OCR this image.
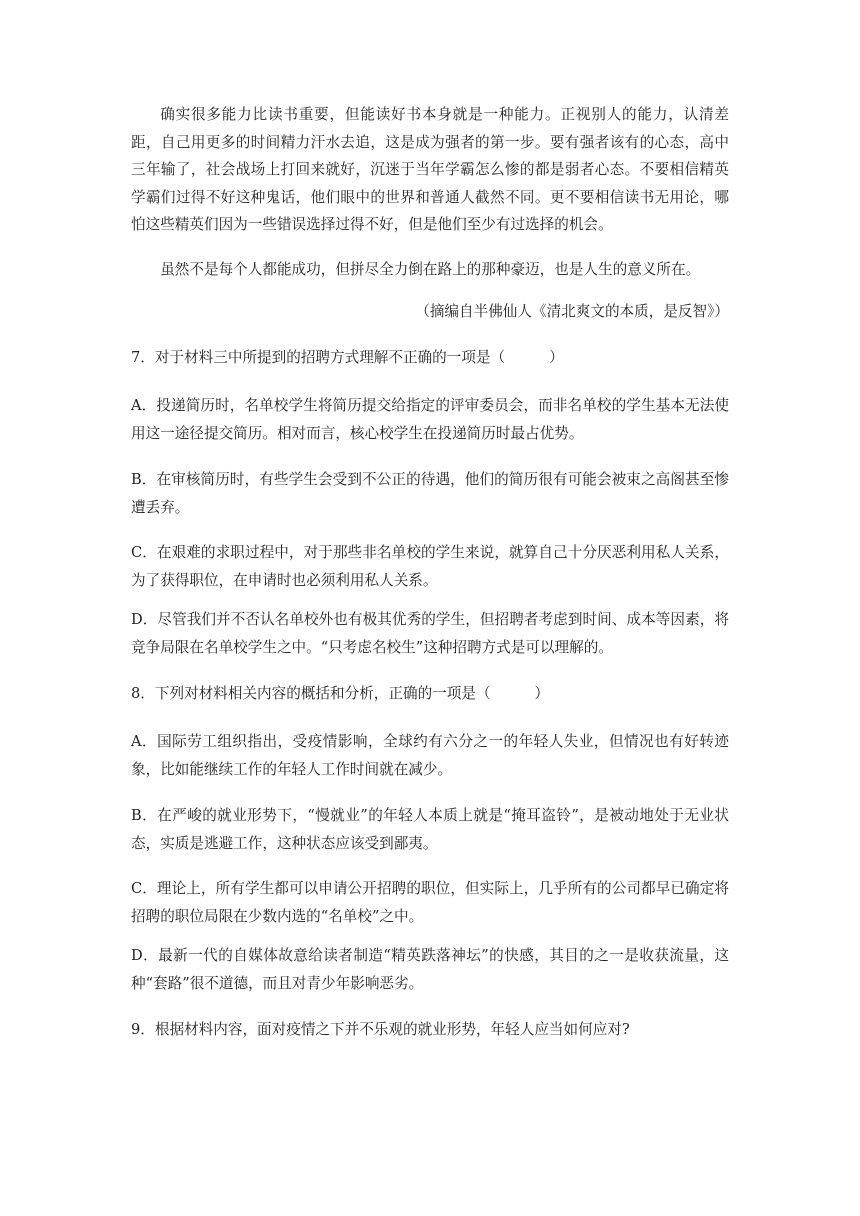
确实很多能力比读书重要，但能读好书本身就是一种能力。正视别人的能力，认清差距，自己用更多的时间精力汗水去追，这是成为强者的第一步。要有强者该有的心态，高中三年输了，社会战场上打回来就好，沉迷于当年学霸怎么惨的都是弱者心态。不要相信精英学霸们过得不好这种鬼话，他们眼中的世界和普通人截然不同。更不要相信读书无用论，哪怕这些精英们因为一些错误选择过得不好，但是他们至少有过选择的机会。

虽然不是每个人都能成功，但拼尽全力倒在路上的那种豪迈，也是人生的意义所在。

（摘编自半佛仙人《清北爽文的本质，是反智》）

7．对于材料三中所提到的招聘方式理解不正确的一项是（	）

A．投递简历时，名单校学生将简历提交给指定的评审委员会，而非名单校的学生基本无法使用这一途径提交简历。相对而言，核心校学生在投递简历时最占优势。

B．在审核简历时，有些学生会受到不公正的待遇，他们的简历很有可能会被束之高阁甚至惨遭丢弃。

C．在艰难的求职过程中，对于那些非名单校的学生来说，就算自己十分厌恶利用私人关系，为了获得职位，在申请时也必须利用私人关系。

D．尽管我们并不否认名单校外也有极其优秀的学生，但招聘者考虑到时间、成本等因素，将竞争局限在名单校学生之中。“只考虑名校生”这种招聘方式是可以理解的。

8．下列对材料相关内容的概括和分析，正确的一项是（	）

A．国际劳工组织指出，受疫情影响，全球约有六分之一的年轻人失业，但情况也有好转迹象，比如能继续工作的年轻人工作时间就在减少。

B．在严峻的就业形势下，“慢就业”的年轻人本质上就是“掩耳盗铃”，是被动地处于无业状态，实质是逃避工作，这种状态应该受到鄙夷。

C．理论上，所有学生都可以申请公开招聘的职位，但实际上，几乎所有的公司都早已确定将招聘的职位局限在少数内选的“名单校”之中。

D．最新一代的自媒体故意给读者制造“精英跌落神坛”的快感，其目的之一是收获流量，这种“套路”很不道德，而且对青少年影响恶劣。

9．根据材料内容，面对疫情之下并不乐观的就业形势，年轻人应当如何应对?
